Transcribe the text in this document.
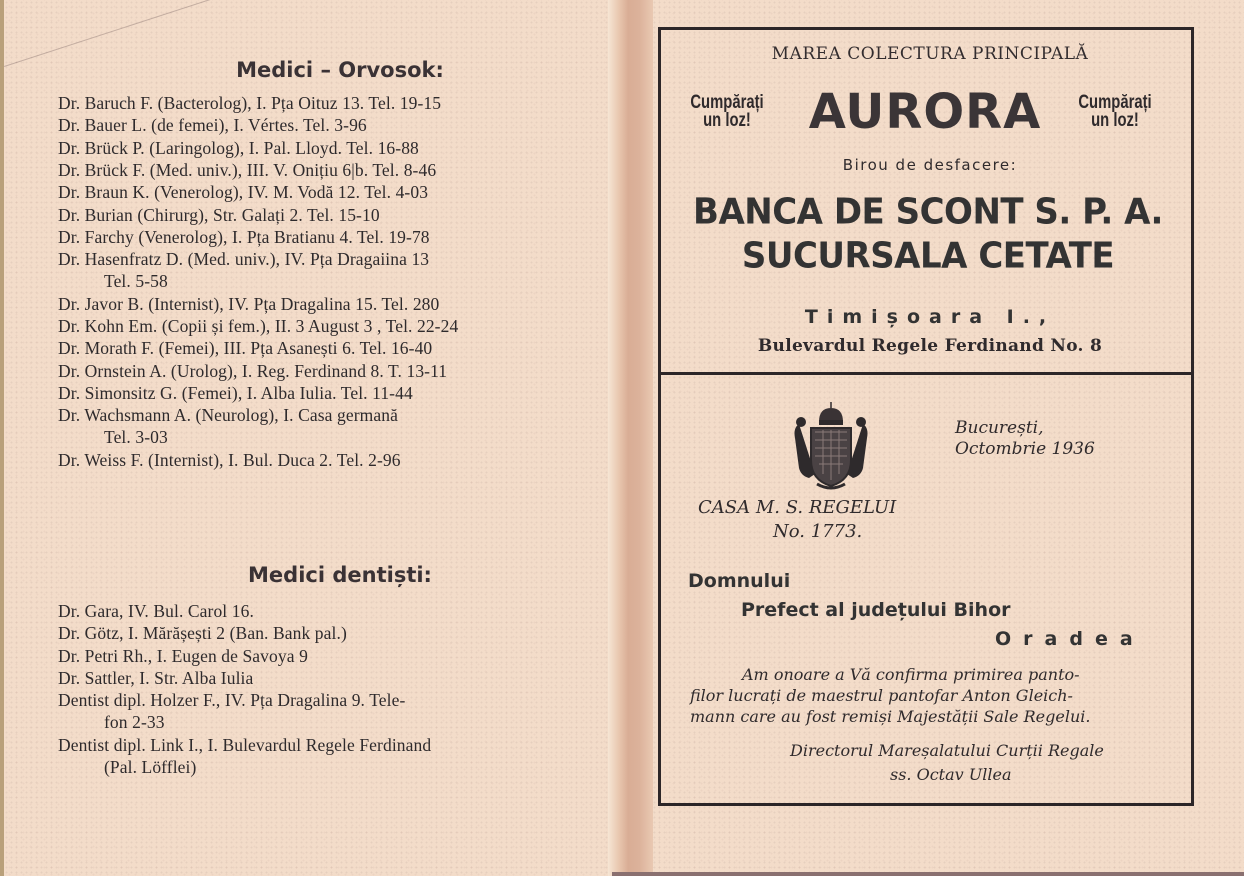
Medici – Orvosok:
Dr. Baruch F. (Bacterolog), I. Pța Oituz 13. Tel. 19-15
Dr. Bauer L. (de femei), I. Vértes. Tel. 3-96
Dr. Brück P. (Laringolog), I. Pal. Lloyd. Tel. 16-88
Dr. Brück F. (Med. univ.), III. V. Onițiu 6|b. Tel. 8-46
Dr. Braun K. (Venerolog), IV. M. Vodă 12. Tel. 4-03
Dr. Burian (Chirurg), Str. Galați 2. Tel. 15-10
Dr. Farchy (Venerolog), I. Pța Bratianu 4. Tel. 19-78
Dr. Hasenfratz D. (Med. univ.), IV. Pța Dragaiina 13
Tel. 5-58
Dr. Javor B. (Internist), IV. Pța Dragalina 15. Tel. 280
Dr. Kohn Em. (Copii și fem.), II. 3 August 3 , Tel. 22-24
Dr. Morath F. (Femei), III. Pța Asanești 6. Tel. 16-40
Dr. Ornstein A. (Urolog), I. Reg. Ferdinand 8. T. 13-11
Dr. Simonsitz G. (Femei), I. Alba Iulia. Tel. 11-44
Dr. Wachsmann A. (Neurolog), I. Casa germană
Tel. 3-03
Dr. Weiss F. (Internist), I. Bul. Duca 2. Tel. 2-96
Medici dentiști:
Dr. Gara, IV. Bul. Carol 16.
Dr. Götz, I. Mărășești 2 (Ban. Bank pal.)
Dr. Petri Rh., I. Eugen de Savoya 9
Dr. Sattler, I. Str. Alba Iulia
Dentist dipl. Holzer F., IV. Pța Dragalina 9. Tele-
fon 2-33
Dentist dipl. Link I., I. Bulevardul Regele Ferdinand
(Pal. Löfflei)
MAREA COLECTURA PRINCIPALĂ
Cumpărați
un loz!	AURORA	Cumpărați
un loz!
Birou de desfacere:
BANCA DE SCONT S. P. A.
SUCURSALA CETATE
Timișoara I.,
Bulevardul Regele Ferdinand No. 8
București,
Octombrie 1936
CASA M. S. REGELUI
No. 1773.
Domnului
Prefect al județului Bihor
Oradea
Am onoare a Vă confirma primirea panto-
filor lucrați de maestrul pantofar Anton Gleich-
mann care au fost remiși Majestății Sale Regelui.
Directorul Mareșalatului Curții Regale
ss. Octav Ullea
